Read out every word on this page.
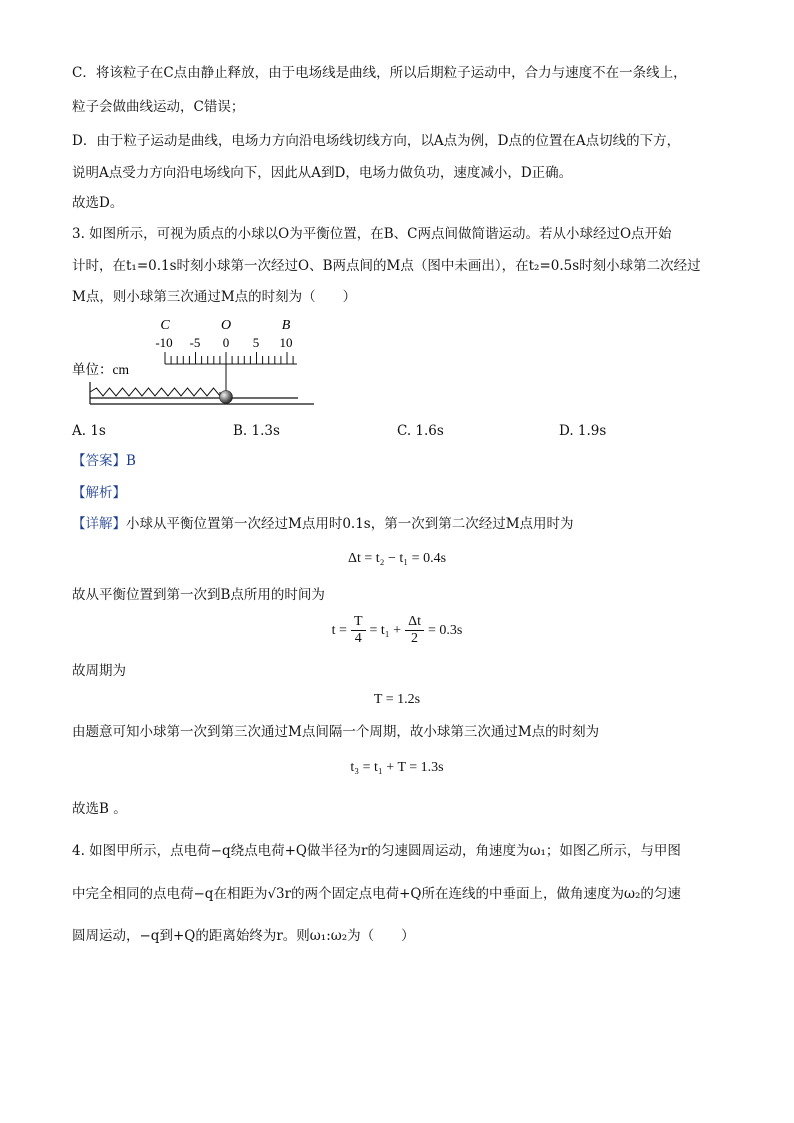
C．将该粒子在C点由静止释放，由于电场线是曲线，所以后期粒子运动中，合力与速度不在一条线上，
粒子会做曲线运动，C错误；
D．由于粒子运动是曲线，电场力方向沿电场线切线方向，以A点为例，D点的位置在A点切线的下方，
说明A点受力方向沿电场线向下，因此从A到D，电场力做负功，速度减小，D正确。
故选D。
3. 如图所示，可视为质点的小球以O为平衡位置，在B、C两点间做简谐运动。若从小球经过O点开始
计时，在t₁=0.1s时刻小球第一次经过O、B两点间的M点（图中未画出），在t₂=0.5s时刻小球第二次经过
M点，则小球第三次通过M点的时刻为（　　）
C	O	B
-10 -5 0 5 10
单位：cm
A. 1s	B. 1.3s	C. 1.6s	D. 1.9s
【答案】B
【解析】
【详解】小球从平衡位置第一次经过M点用时0.1s，第一次到第二次经过M点用时为
Δt = t₂ − t₁ = 0.4s
故从平衡位置到第一次到B点所用的时间为
$t = \frac{T}{4} = t_1 + \frac{\Delta t}{2} = 0.3s$
故周期为
T = 1.2s
由题意可知小球第一次到第三次通过M点间隔一个周期，故小球第三次通过M点的时刻为
t₃ = t₁ + T = 1.3s
故选B 。
4. 如图甲所示，点电荷−q绕点电荷+Q做半径为r的匀速圆周运动，角速度为ω₁；如图乙所示，与甲图
中完全相同的点电荷−q在相距为√3r的两个固定点电荷+Q所在连线的中垂面上，做角速度为ω₂的匀速
圆周运动，−q到+Q的距离始终为r。则ω₁:ω₂为（　　）
